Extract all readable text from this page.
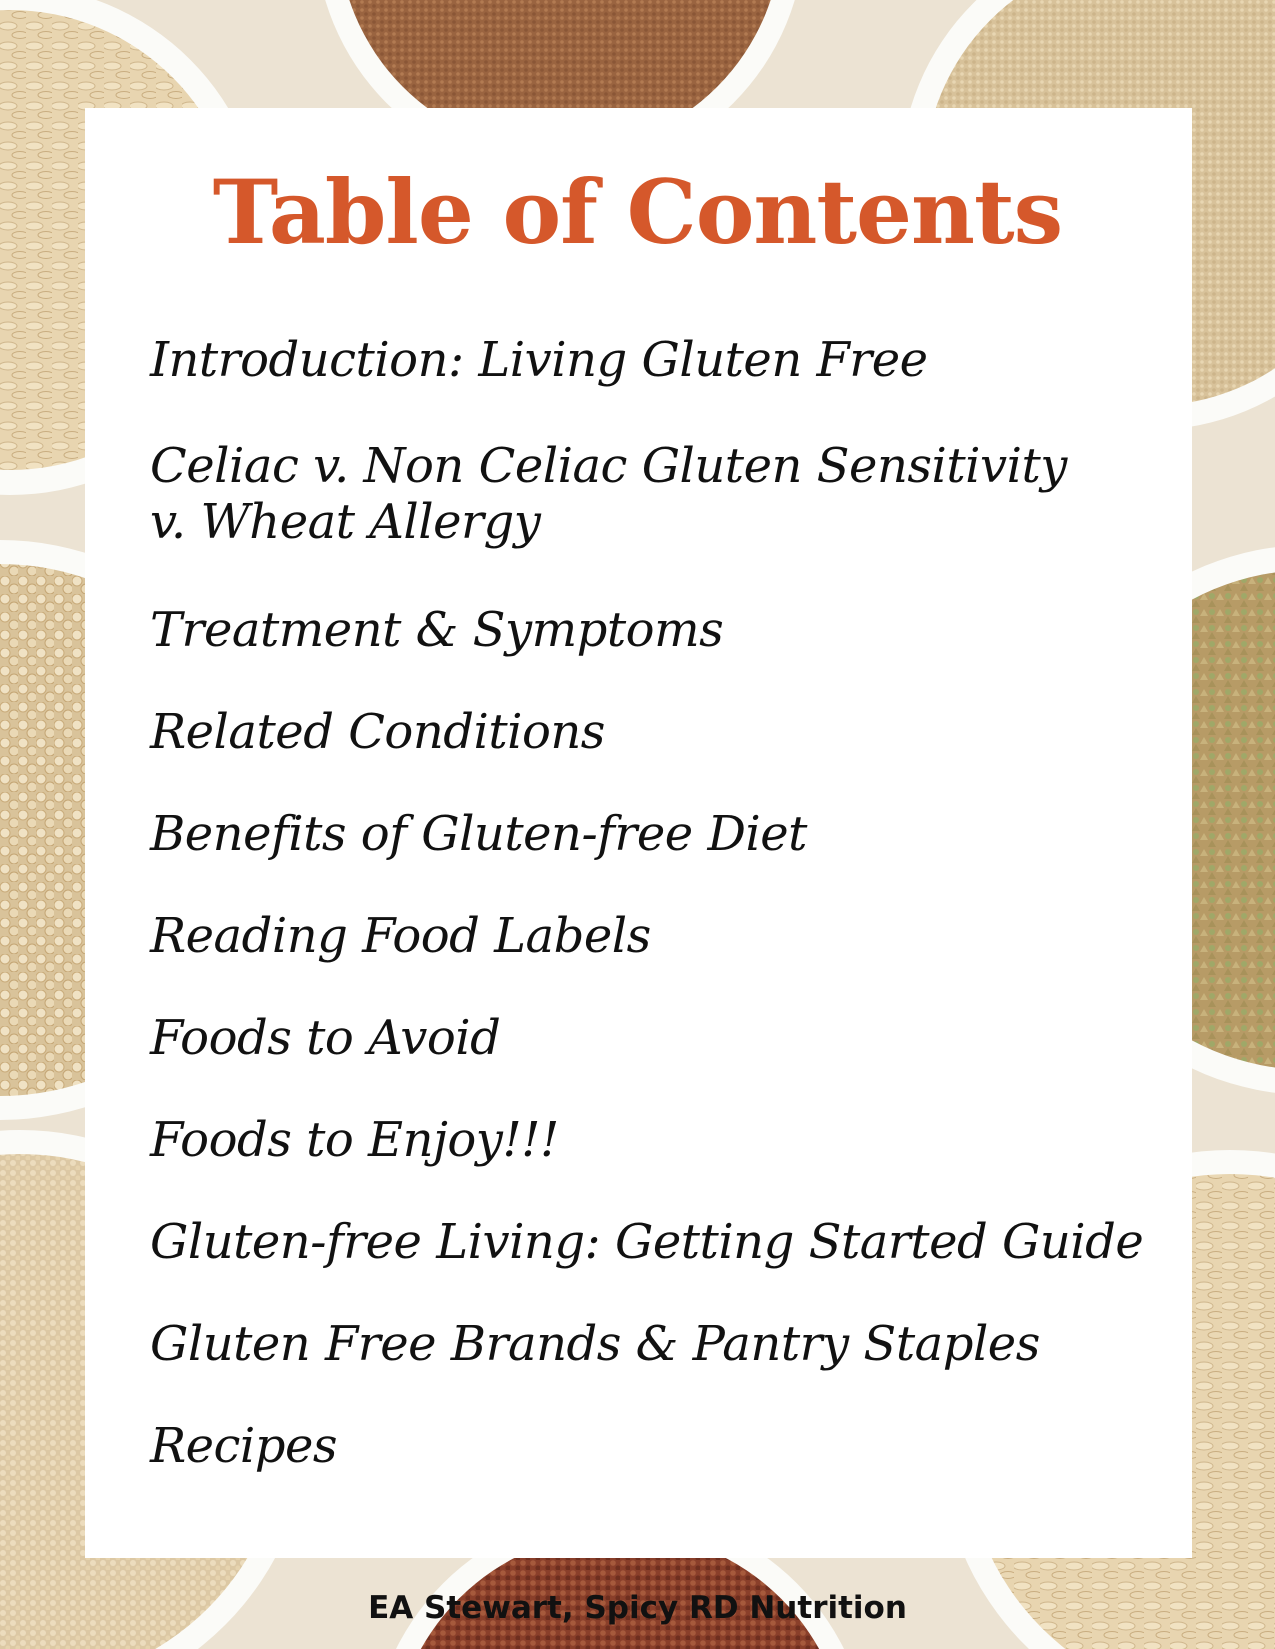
Table of Contents
Introduction: Living Gluten Free
Celiac v. Non Celiac Gluten Sensitivity v. Wheat Allergy
Treatment & Symptoms
Related Conditions
Benefits of Gluten-free Diet
Reading Food Labels
Foods to Avoid
Foods to Enjoy!!!
Gluten-free Living: Getting Started Guide
Gluten Free Brands & Pantry Staples
Recipes
EA Stewart, Spicy RD Nutrition
